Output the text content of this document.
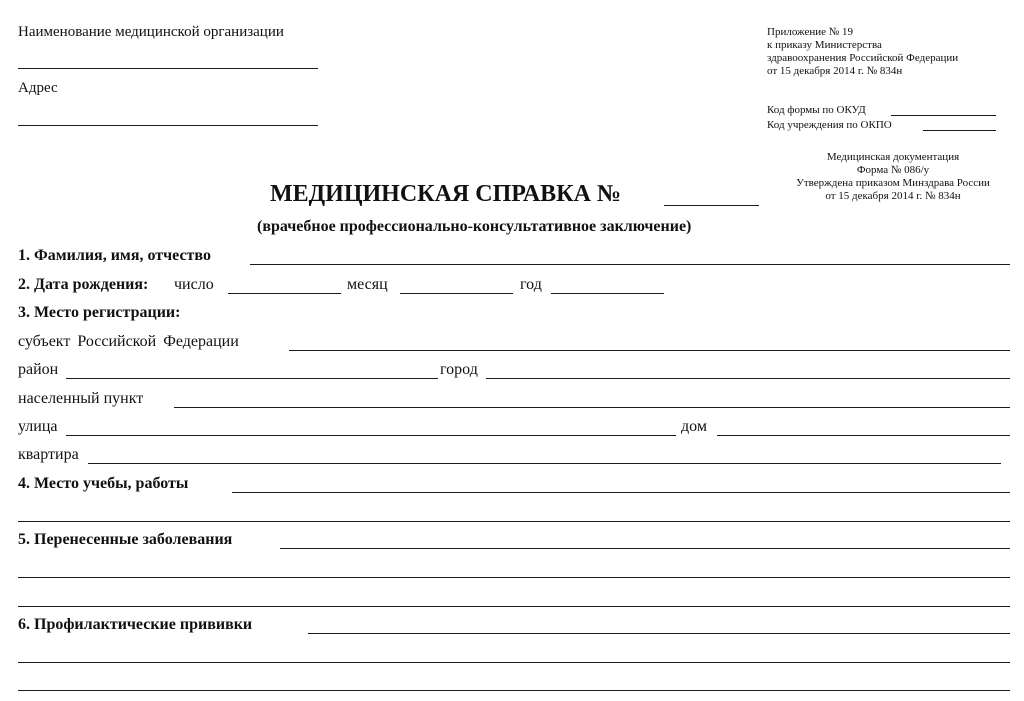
Наименование медицинской организации
Адрес
Приложение № 19
к приказу Министерства
здравоохранения Российской Федерации
от 15 декабря 2014 г. № 834н
Код формы по ОКУД
Код учреждения по ОКПО
Медицинская документация
Форма № 086/у
Утверждена приказом Минздрава России
от 15 декабря 2014 г. № 834н
МЕДИЦИНСКАЯ СПРАВКА №
(врачебное профессионально-консультативное заключение)
1. Фамилия, имя, отчество
2. Дата рождения: число	месяц	год
3. Место регистрации:
субъект Российской Федерации
район	город
населенный пункт
улица	дом
квартира
4. Место учебы, работы
5. Перенесенные заболевания
6. Профилактические прививки
